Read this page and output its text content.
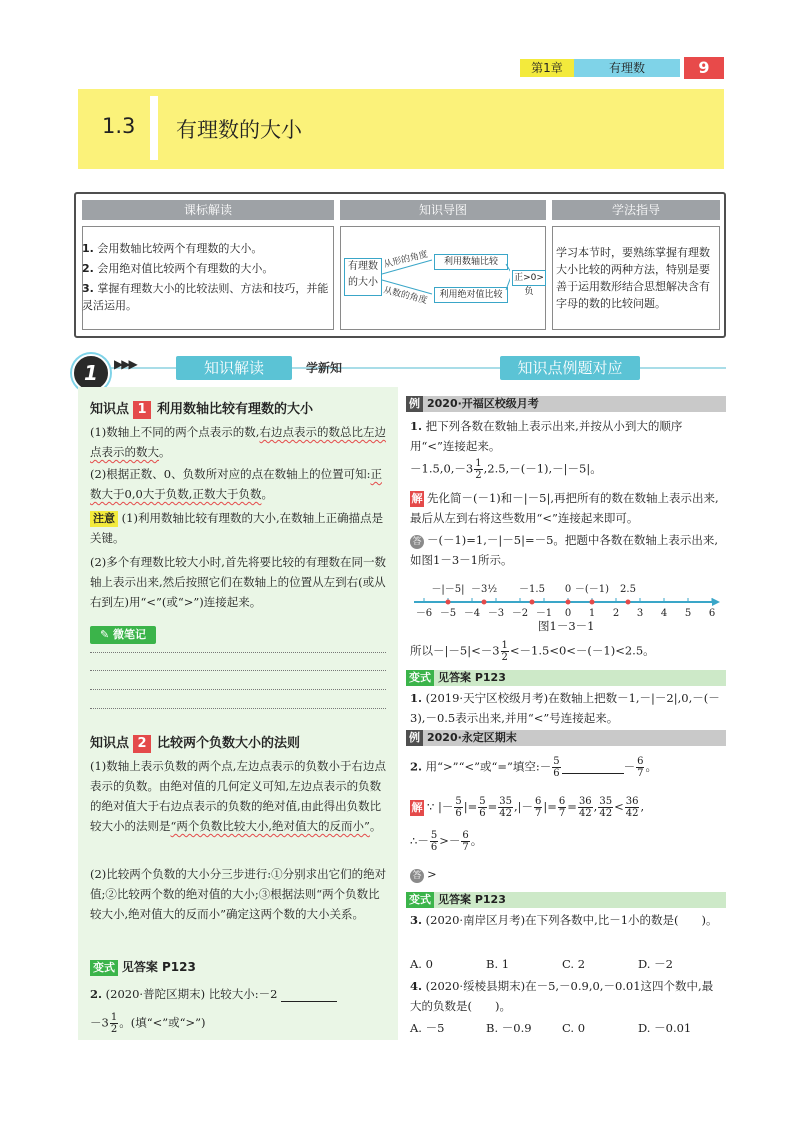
第1章	有理数	9
1.3 有理数的大小
课标解读	知识导图	学法指导
1. 会用数轴比较两个有理数的大小。
2. 会用绝对值比较两个有理数的大小。
3. 掌握有理数大小的比较法则、方法和技巧，并能灵活运用。
有理数的大小
从形的角度
从数的角度
利用数轴比较
利用绝对值比较
正>0>负
学习本节时，要熟练掌握有理数大小比较的两种方法，特别是要善于运用数形结合思想解决含有字母的数的比较问题。
1	▶▶▶	知识解读	学新知	知识点例题对应
知识点 1 利用数轴比较有理数的大小
(1)数轴上不同的两个点表示的数,右边点表示的数总比左边点表示的数大。
(2)根据正数、0、负数所对应的点在数轴上的位置可知:正数大于0,0大于负数,正数大于负数。
注意 (1)利用数轴比较有理数的大小,在数轴上正确描点是关键。
(2)多个有理数比较大小时,首先将要比较的有理数在同一数轴上表示出来,然后按照它们在数轴上的位置从左到右(或从右到左)用“<”(或“>”)连接起来。
✎ 微笔记
知识点 2 比较两个负数大小的法则
(1)数轴上表示负数的两个点,左边点表示的负数小于右边点表示的负数。由绝对值的几何定义可知,左边点表示的负数的绝对值大于右边点表示的负数的绝对值,由此得出负数比较大小的法则是“两个负数比较大小,绝对值大的反而小”。
(2)比较两个负数的大小分三步进行:①分别求出它们的绝对值;②比较两个数的绝对值的大小;③根据法则“两个负数比较大小,绝对值大的反而小”确定这两个数的大小关系。
变式 见答案 P123
2. (2020·普陀区期末) 比较大小:－2
$-3 \frac{1}{2}$ 。(填“<”或“>”)
例 2020·开福区校级月考
1. 把下列各数在数轴上表示出来,并按从小到大的顺序用“<”连接起来。
$-1.5,0,-3 \frac{1}{2} ,2.5,-(-1),-|-5|$。
解 先化简－(－1)和－|－5|,再把所有的数在数轴上表示出来,最后从左到右将这些数用“<”连接起来即可。
答 －(－1)=1,－|－5|=－5。把题中各数在数轴上表示出来,如图1－3－1所示。
－6 －5 －4 －3 －2 －1 0 1 2 3 4 5 6
－|－5| －3½ －1.5 0 －(－1) 2.5
图1－3－1
所以$-|-5|<-3 \frac{1}{2} <-1.5<0<-(-1)<2.5$。
变式 见答案 P123
1. (2019·天宁区校级月考)在数轴上把数－1,－|－2|,0,－(－3),－0.5表示出来,并用“<”号连接起来。
例 2020·永定区期末
2. 用“>”“<”或“=”填空:－ $\frac{5}{6}$	－ $\frac{6}{7}$ 。
解 ∵ |－ $\frac{5}{6}$ |= $\frac{5}{6} = \frac{35}{42}$ ,|－ $\frac{6}{7}$ |= $\frac{6}{7} = \frac{36}{42}$ , $\frac{35}{42} < \frac{36}{42}$ ,
∴－ $\frac{5}{6} >- \frac{6}{7}$ 。
答 >
变式 见答案 P123
3. (2020·南岸区月考)在下列各数中,比－1小的数是(　　)。
A. 0	B. 1	C. 2	D. －2
4. (2020·绥棱县期末)在－5,－0.9,0,－0.01这四个数中,最大的负数是(　　)。
A. －5	B. －0.9	C. 0	D. －0.01
